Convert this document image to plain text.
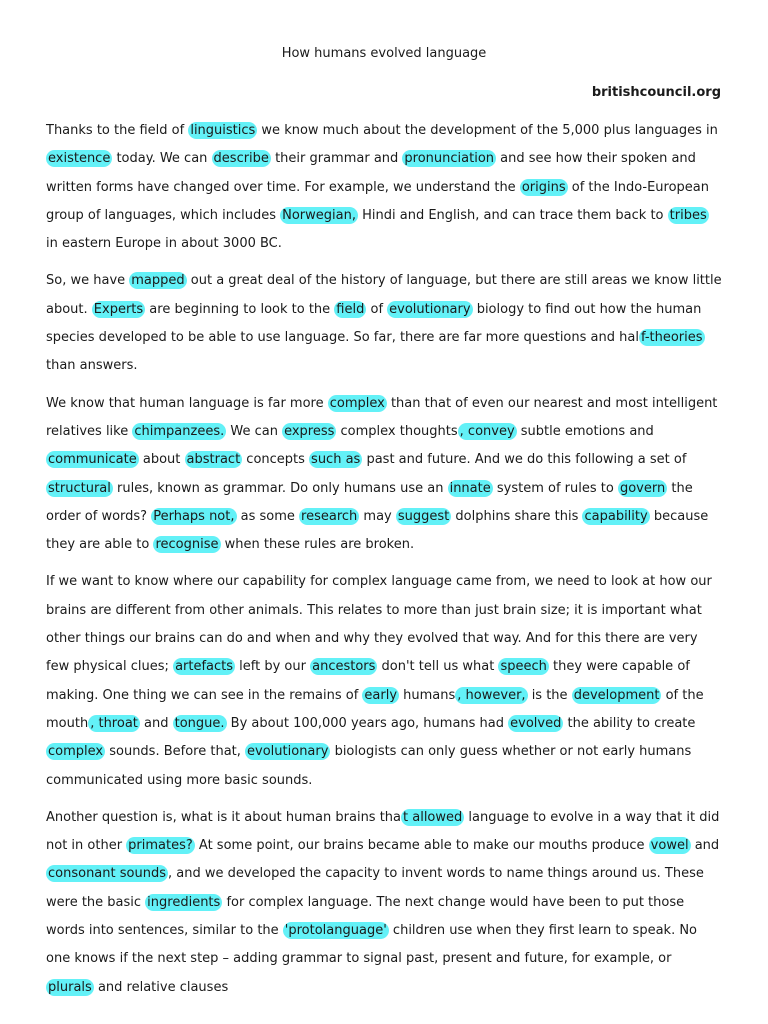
How humans evolved language
britishcouncil.org

Thanks to the field of linguistics we know much about the development of the 5,000 plus languages in existence today. We can describe their grammar and pronunciation and see how their spoken and written forms have changed over time. For example, we understand the origins of the Indo-European group of languages, which includes Norwegian, Hindi and English, and can trace them back to tribes in eastern Europe in about 3000 BC.

So, we have mapped out a great deal of the history of language, but there are still areas we know little about. Experts are beginning to look to the field of evolutionary biology to find out how the human species developed to be able to use language. So far, there are far more questions and hal f-theories than answers.

We know that human language is far more complex than that of even our nearest and most intelligent relatives like chimpanzees. We can express complex thoughts , convey subtle emotions and communicate about abstract concepts such as past and future. And we do this following a set of structural rules, known as grammar. Do only humans use an innate system of rules to govern the order of words? Perhaps not, as some research may suggest dolphins share this capability because they are able to recognise when these rules are broken.

If we want to know where our capability for complex language came from, we need to look at how our brains are different from other animals. This relates to more than just brain size; it is important what other things our brains can do and when and why they evolved that way. And for this there are very few physical clues; artefacts left by our ancestors don't tell us what speech they were capable of making. One thing we can see in the remains of early humans , however, is the development of the mouth , throat and tongue. By about 100,000 years ago, humans had evolved the ability to create complex sounds. Before that, evolutionary biologists can only guess whether or not early humans communicated using more basic sounds.

Another question is, what is it about human brains tha t allowed language to evolve in a way that it did not in other primates? At some point, our brains became able to make our mouths produce vowel and consonant sounds , and we developed the capacity to invent words to name things around us. These were the basic ingredients for complex language. The next change would have been to put those words into sentences, similar to the 'protolanguage' children use when they first learn to speak. No one knows if the next step – adding grammar to signal past, present and future, for example, or plurals and relative clauses
